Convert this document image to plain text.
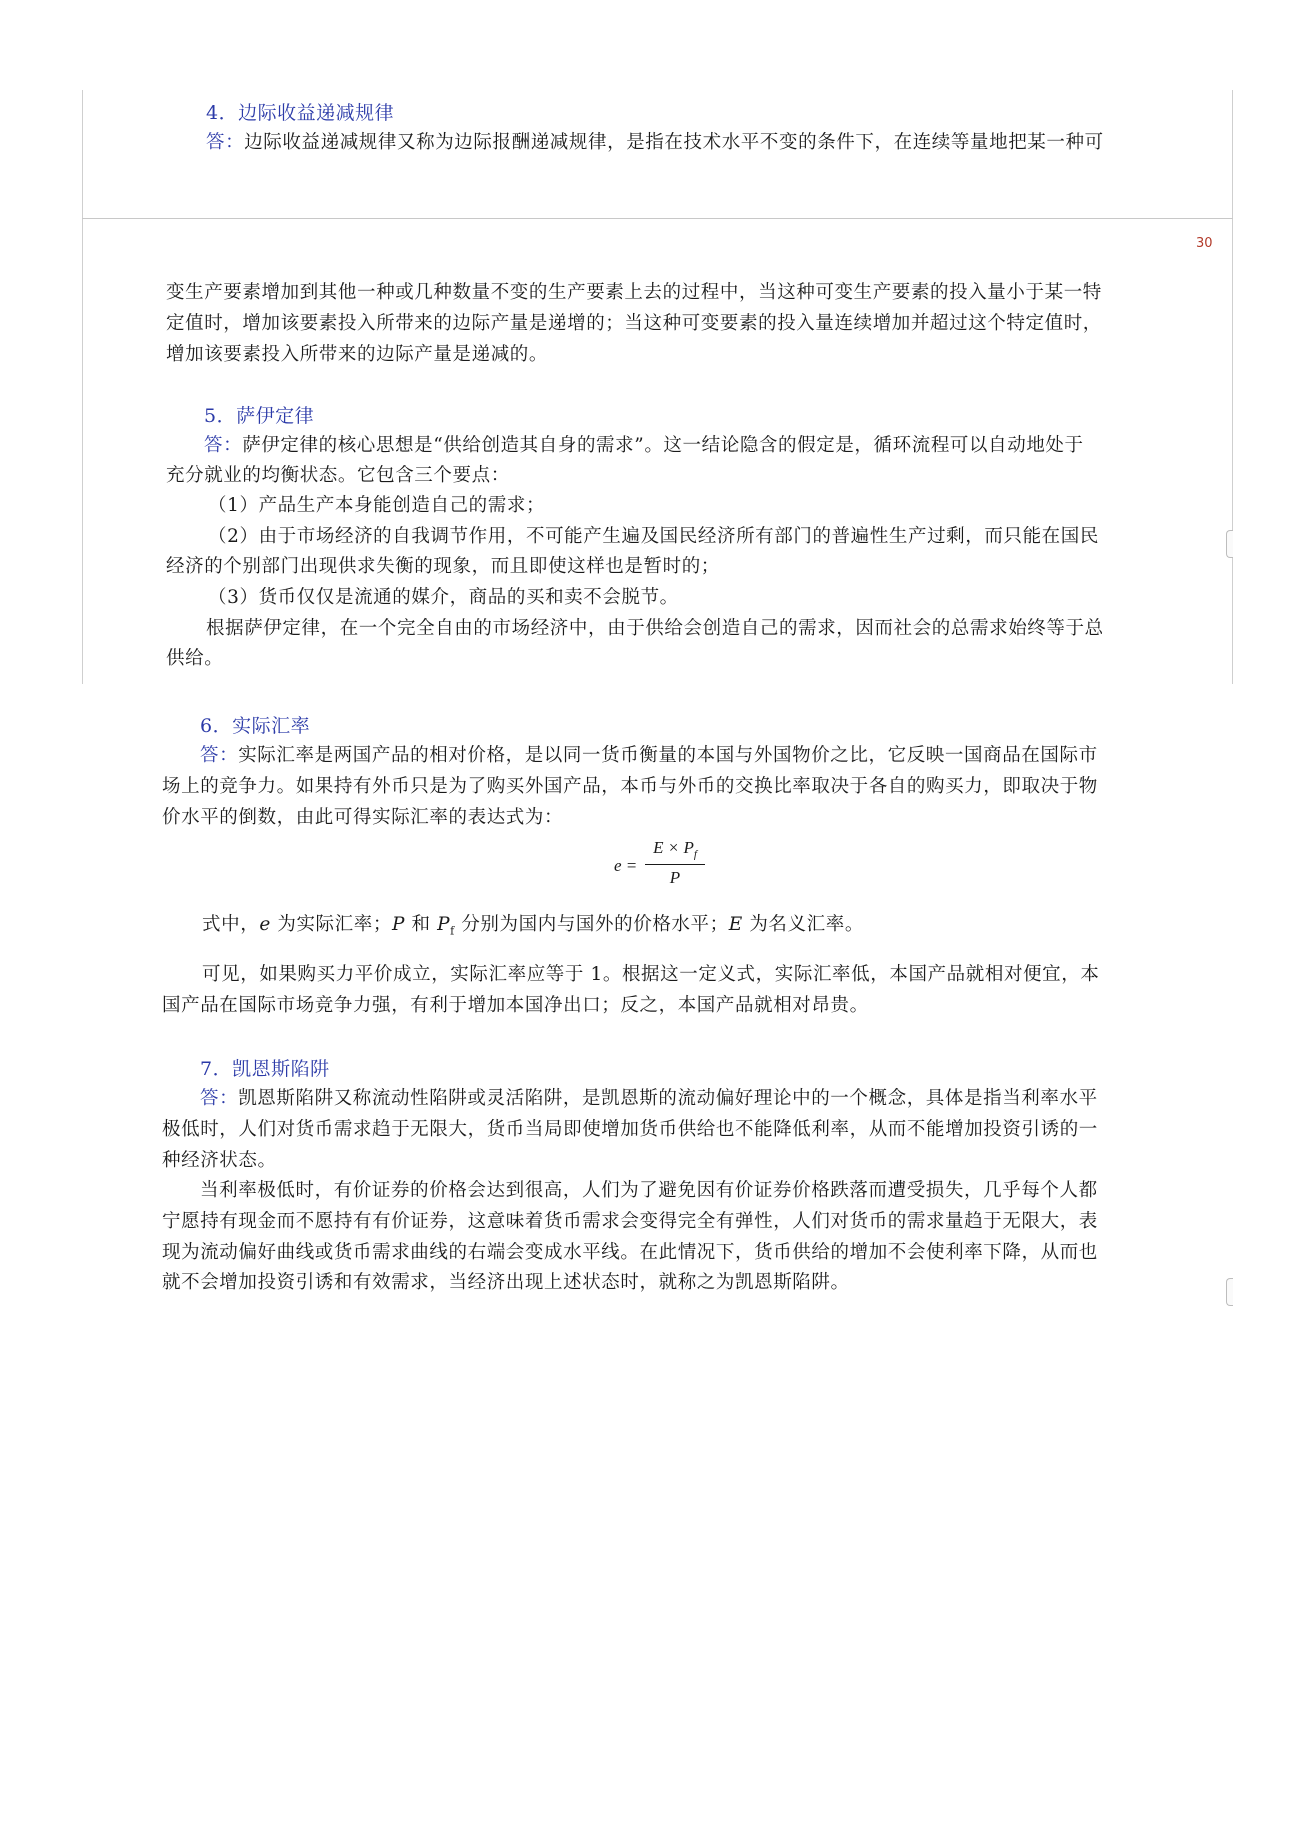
30
4．边际收益递减规律
答：边际收益递减规律又称为边际报酬递减规律，是指在技术水平不变的条件下，在连续等量地把某一种可
变生产要素增加到其他一种或几种数量不变的生产要素上去的过程中，当这种可变生产要素的投入量小于某一特
定值时，增加该要素投入所带来的边际产量是递增的；当这种可变要素的投入量连续增加并超过这个特定值时，
增加该要素投入所带来的边际产量是递减的。
5．萨伊定律
答：萨伊定律的核心思想是“供给创造其自身的需求”。这一结论隐含的假定是，循环流程可以自动地处于
充分就业的均衡状态。它包含三个要点：
（1）产品生产本身能创造自己的需求；
（2）由于市场经济的自我调节作用，不可能产生遍及国民经济所有部门的普遍性生产过剩，而只能在国民
经济的个别部门出现供求失衡的现象，而且即使这样也是暂时的；
（3）货币仅仅是流通的媒介，商品的买和卖不会脱节。
根据萨伊定律，在一个完全自由的市场经济中，由于供给会创造自己的需求，因而社会的总需求始终等于总
供给。
6．实际汇率
答：实际汇率是两国产品的相对价格，是以同一货币衡量的本国与外国物价之比，它反映一国商品在国际市
场上的竞争力。如果持有外币只是为了购买外国产品，本币与外币的交换比率取决于各自的购买力，即取决于物
价水平的倒数，由此可得实际汇率的表达式为：
e =
$E \times P_f$
P
式中，e 为实际汇率；P 和 $P_f$ 分别为国内与国外的价格水平；E 为名义汇率。
可见，如果购买力平价成立，实际汇率应等于 1。根据这一定义式，实际汇率低，本国产品就相对便宜，本
国产品在国际市场竞争力强，有利于增加本国净出口；反之，本国产品就相对昂贵。
7．凯恩斯陷阱
答：凯恩斯陷阱又称流动性陷阱或灵活陷阱，是凯恩斯的流动偏好理论中的一个概念，具体是指当利率水平
极低时，人们对货币需求趋于无限大，货币当局即使增加货币供给也不能降低利率，从而不能增加投资引诱的一
种经济状态。
当利率极低时，有价证券的价格会达到很高，人们为了避免因有价证券价格跌落而遭受损失，几乎每个人都
宁愿持有现金而不愿持有有价证券，这意味着货币需求会变得完全有弹性，人们对货币的需求量趋于无限大，表
现为流动偏好曲线或货币需求曲线的右端会变成水平线。在此情况下，货币供给的增加不会使利率下降，从而也
就不会增加投资引诱和有效需求，当经济出现上述状态时，就称之为凯恩斯陷阱。
